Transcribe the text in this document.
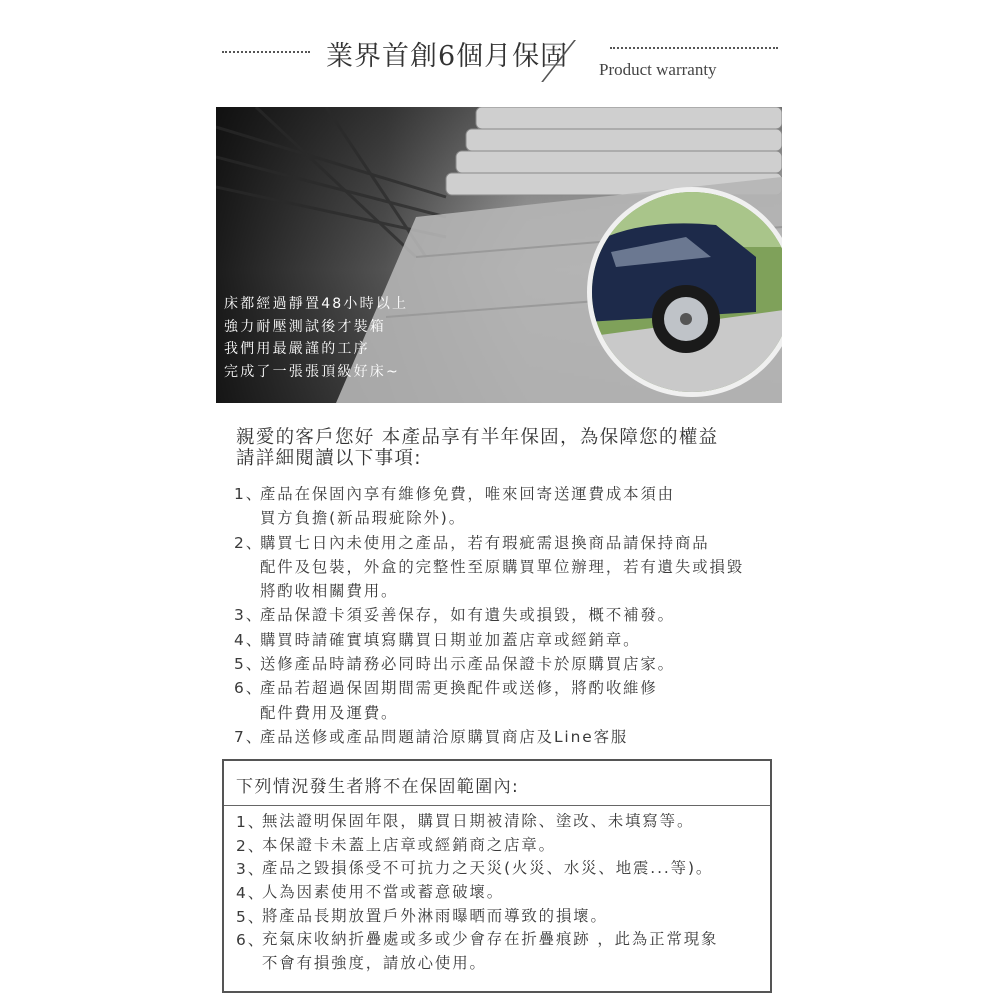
業界首創6個月保固 Product warranty
床都經過靜置48小時以上
強力耐壓測試後才裝箱
我們用最嚴謹的工序
完成了一張張頂級好床~
親愛的客戶您好 本產品享有半年保固，為保障您的權益
請詳細閱讀以下事項:
1、
產品在保固內享有維修免費，唯來回寄送運費成本須由
買方負擔(新品瑕疵除外)。
2、
購買七日內未使用之產品，若有瑕疵需退換商品請保持商品
配件及包裝，外盒的完整性至原購買單位辦理，若有遺失或損毀
將酌收相關費用。
3、
產品保證卡須妥善保存，如有遺失或損毀，概不補發。
4、
購買時請確實填寫購買日期並加蓋店章或經銷章。
5、
送修產品時請務必同時出示產品保證卡於原購買店家。
6、
產品若超過保固期間需更換配件或送修，將酌收維修
配件費用及運費。
7、
產品送修或產品問題請洽原購買商店及Line客服
下列情況發生者將不在保固範圍內:
1、
無法證明保固年限，購買日期被清除、塗改、未填寫等。
2、
本保證卡未蓋上店章或經銷商之店章。
3、
產品之毀損係受不可抗力之天災(火災、水災、地震...等)。
4、
人為因素使用不當或蓄意破壞。
5、
將產品長期放置戶外淋雨曝晒而導致的損壞。
6、
充氣床收納折疊處或多或少會存在折疊痕跡 ，此為正常現象
不會有損強度，請放心使用。
